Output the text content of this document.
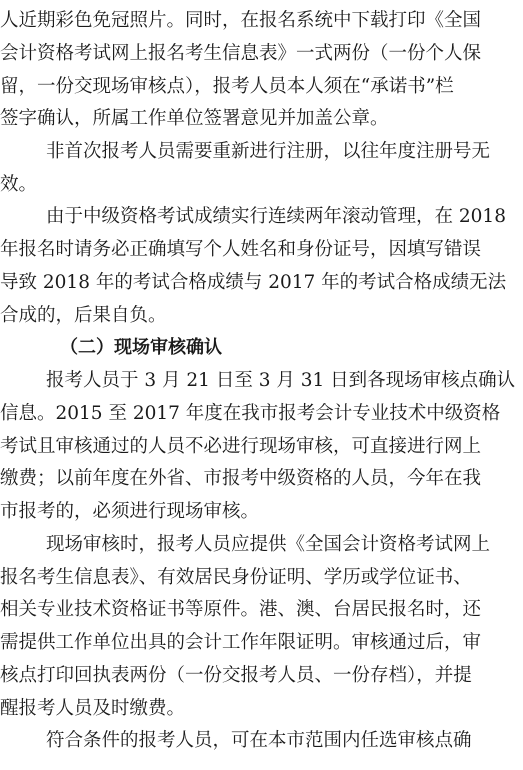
人近期彩色免冠照片。同时，在报名系统中下载打印《全国
会计资格考试网上报名考生信息表》一式两份（一份个人保
留，一份交现场审核点），报考人员本人须在“承诺书”栏
签字确认，所属工作单位签署意见并加盖公章。
非首次报考人员需要重新进行注册，以往年度注册号无
效。
由于中级资格考试成绩实行连续两年滚动管理，在 2018
年报名时请务必正确填写个人姓名和身份证号，因填写错误
导致 2018 年的考试合格成绩与 2017 年的考试合格成绩无法
合成的，后果自负。
（二）现场审核确认
报考人员于 3 月 21 日至 3 月 31 日到各现场审核点确认
信息。2015 至 2017 年度在我市报考会计专业技术中级资格
考试且审核通过的人员不必进行现场审核，可直接进行网上
缴费；以前年度在外省、市报考中级资格的人员，今年在我
市报考的，必须进行现场审核。
现场审核时，报考人员应提供《全国会计资格考试网上
报名考生信息表》、有效居民身份证明、学历或学位证书、
相关专业技术资格证书等原件。港、澳、台居民报名时，还
需提供工作单位出具的会计工作年限证明。审核通过后，审
核点打印回执表两份（一份交报考人员、一份存档），并提
醒报考人员及时缴费。
符合条件的报考人员，可在本市范围内任选审核点确
